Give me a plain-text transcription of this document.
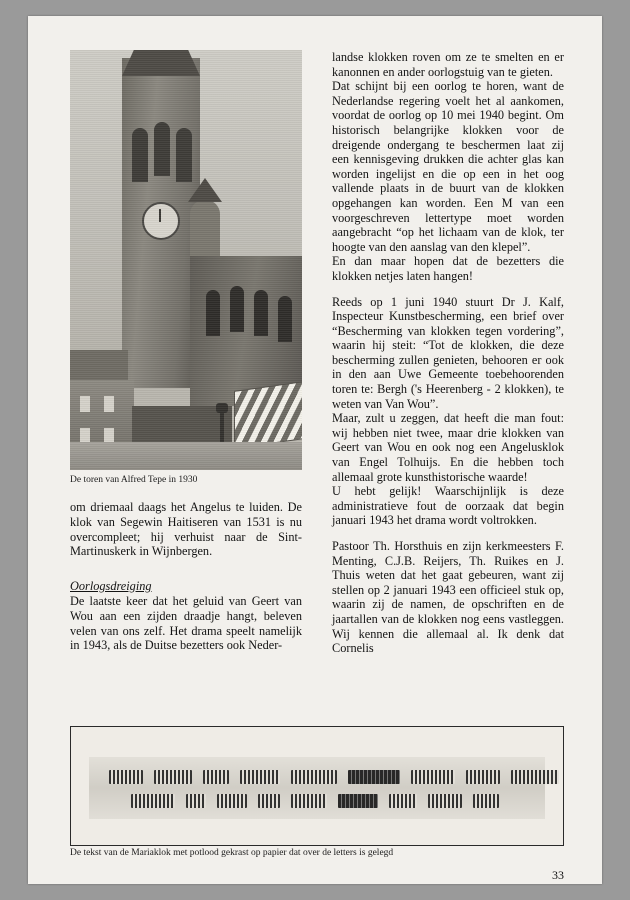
De toren van Alfred Tepe in 1930

om driemaal daags het Angelus te luiden. De klok van Segewin Haitiseren van 1531 is nu overcompleet; hij verhuist naar de Sint-Martinuskerk in Wijnbergen.

Oorlogsdreiging

De laatste keer dat het geluid van Geert van Wou aan een zijden draadje hangt, beleven velen van ons zelf. Het drama speelt namelijk in 1943, als de Duitse bezetters ook Neder-

landse klokken roven om ze te smelten en er kanonnen en ander oorlogstuig van te gieten.

Dat schijnt bij een oorlog te horen, want de Nederlandse regering voelt het al aankomen, voordat de oorlog op 10 mei 1940 begint. Om historisch belangrijke klokken voor de dreigende ondergang te beschermen laat zij een kennisgeving drukken die achter glas kan worden ingelijst en die op een in het oog vallende plaats in de buurt van de klokken opgehangen kan worden. Een M van een voorgeschreven lettertype moet worden aangebracht “op het lichaam van de klok, ter hoogte van den aanslag van den klepel”.

En dan maar hopen dat de bezetters die klokken netjes laten hangen!

Reeds op 1 juni 1940 stuurt Dr J. Kalf, Inspecteur Kunstbescherming, een brief over “Bescherming van klokken tegen vordering”, waarin hij steit: “Tot de klokken, die deze bescherming zullen genieten, behooren er ook in den aan Uwe Gemeente toebehoorenden toren te: Bergh ('s Heerenberg - 2 klokken), te weten van Van Wou”.

Maar, zult u zeggen, dat heeft die man fout: wij hebben niet twee, maar drie klokken van Geert van Wou en ook nog een Angelusklok van Engel Tolhuijs. En die hebben toch allemaal grote kunsthistorische waarde!

U hebt gelijk! Waarschijnlijk is deze administratieve fout de oorzaak dat begin januari 1943 het drama wordt voltrokken.

Pastoor Th. Horsthuis en zijn kerkmeesters F. Menting, C.J.B. Reijers, Th. Ruikes en J. Thuis weten dat het gaat gebeuren, want zij stellen op 2 januari 1943 een officieel stuk op, waarin zij de namen, de opschriften en de jaartallen van de klokken nog eens vastleggen. Wij kennen die allemaal al. Ik denk dat Cornelis

De tekst van de Mariaklok met potlood gekrast op papier dat over de letters is gelegd
33
